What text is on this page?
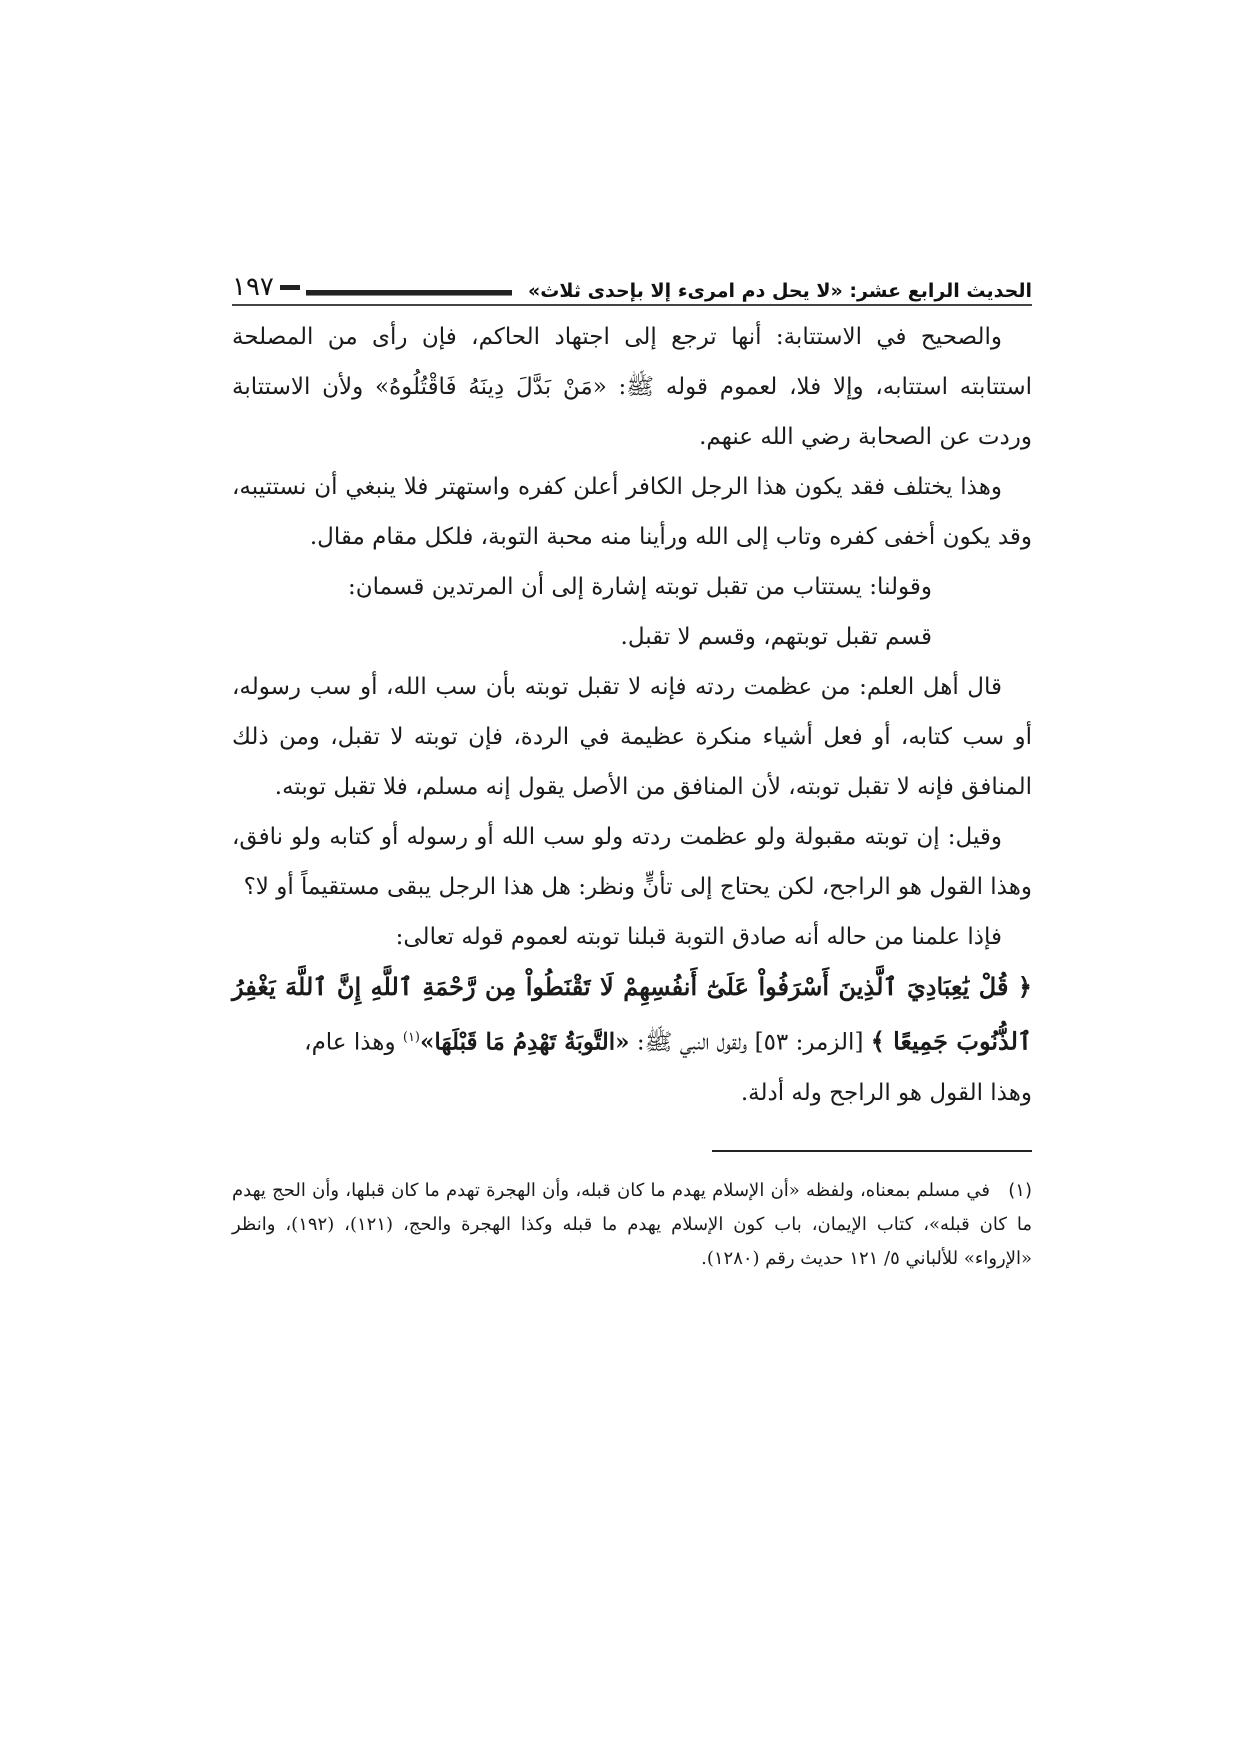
الحديث الرابع عشر: «لا يحل دم امرىء إلا بإحدى ثلاث»
١٩٧

والصحيح في الاستتابة: أنها ترجع إلى اجتهاد الحاكم، فإن رأى من المصلحة استتابته استتابه، وإلا فلا، لعموم قوله ﷺ: «مَنْ بَدَّلَ دِينَهُ فَاقْتُلُوهُ» ولأن الاستتابة وردت عن الصحابة رضي الله عنهم.

وهذا يختلف فقد يكون هذا الرجل الكافر أعلن كفره واستهتر فلا ينبغي أن نستتيبه، وقد يكون أخفى كفره وتاب إلى الله ورأينا منه محبة التوبة، فلكل مقام مقال.

وقولنا: يستتاب من تقبل توبته إشارة إلى أن المرتدين قسمان:

قسم تقبل توبتهم، وقسم لا تقبل.

قال أهل العلم: من عظمت ردته فإنه لا تقبل توبته بأن سب الله، أو سب رسوله، أو سب كتابه، أو فعل أشياء منكرة عظيمة في الردة، فإن توبته لا تقبل، ومن ذلك المنافق فإنه لا تقبل توبته، لأن المنافق من الأصل يقول إنه مسلم، فلا تقبل توبته.

وقيل: إن توبته مقبولة ولو عظمت ردته ولو سب الله أو رسوله أو كتابه ولو نافق، وهذا القول هو الراجح، لكن يحتاج إلى تأنٍّ ونظر: هل هذا الرجل يبقى مستقيماً أو لا؟

فإذا علمنا من حاله أنه صادق التوبة قبلنا توبته لعموم قوله تعالى:

﴿ قُلْ يَٰعِبَادِيَ ٱلَّذِينَ أَسْرَفُواْ عَلَىٰٓ أَنفُسِهِمْ لَا تَقْنَطُواْ مِن رَّحْمَةِ ٱللَّهِ إِنَّ ٱللَّهَ يَغْفِرُ ٱلذُّنُوبَ جَمِيعًا ﴾ [الزمر: ٥٣] ولقول النبي ﷺ: «التَّوبَةُ تَهْدِمُ مَا قَبْلَهَا»$^{(١)}$ وهذا عام،

وهذا القول هو الراجح وله أدلة.

(١) في مسلم بمعناه، ولفظه «أن الإسلام يهدم ما كان قبله، وأن الهجرة تهدم ما كان قبلها، وأن الحج يهدم ما كان قبله»، كتاب الإيمان، باب كون الإسلام يهدم ما قبله وكذا الهجرة والحج، (١٢١)، (١٩٢)، وانظر «الإرواء» للألباني ٥/ ١٢١ حديث رقم (١٢٨٠).
